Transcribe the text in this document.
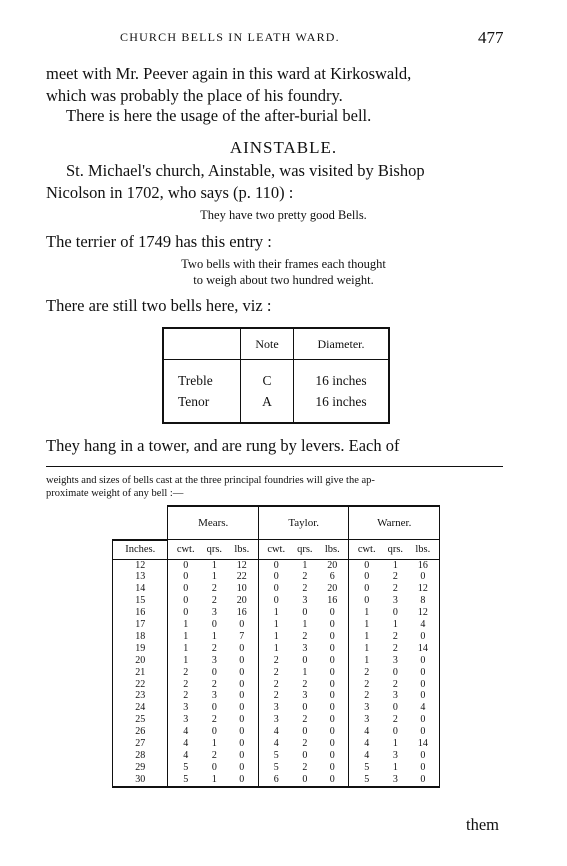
CHURCH BELLS IN LEATH WARD.	477
meet with Mr. Peever again in this ward at Kirkoswald,
which was probably the place of his foundry.
There is here the usage of the after-burial bell.
AINSTABLE.
St. Michael's church, Ainstable, was visited by Bishop
Nicolson in 1702, who says (p. 110) :
They have two pretty good Bells.
The terrier of 1749 has this entry :
Two bells with their frames each thought
to weigh about two hundred weight.
There are still two bells here, viz :
	Note	Diameter.

Treble	C	16 inches
Tenor	A	16 inches

They hang in a tower, and are rung by levers. Each of
weights and sizes of bells cast at the three principal foundries will give the ap-
proximate weight of any bell :—
	Mears.			Taylor.			Warner.		
Inches.	cwt.	qrs.	lbs.	cwt.	qrs.	lbs.	cwt.	qrs.	lbs.
12	0	1	12	0	1	20	0	1	16
13	0	1	22	0	2	6	0	2	0
14	0	2	10	0	2	20	0	2	12
15	0	2	20	0	3	16	0	3	8
16	0	3	16	1	0	0	1	0	12
17	1	0	0	1	1	0	1	1	4
18	1	1	7	1	2	0	1	2	0
19	1	2	0	1	3	0	1	2	14
20	1	3	0	2	0	0	1	3	0
21	2	0	0	2	1	0	2	0	0
22	2	2	0	2	2	0	2	2	0
23	2	3	0	2	3	0	2	3	0
24	3	0	0	3	0	0	3	0	4
25	3	2	0	3	2	0	3	2	0
26	4	0	0	4	0	0	4	0	0
27	4	1	0	4	2	0	4	1	14
28	4	2	0	5	0	0	4	3	0
29	5	0	0	5	2	0	5	1	0
30	5	1	0	6	0	0	5	3	0
them
